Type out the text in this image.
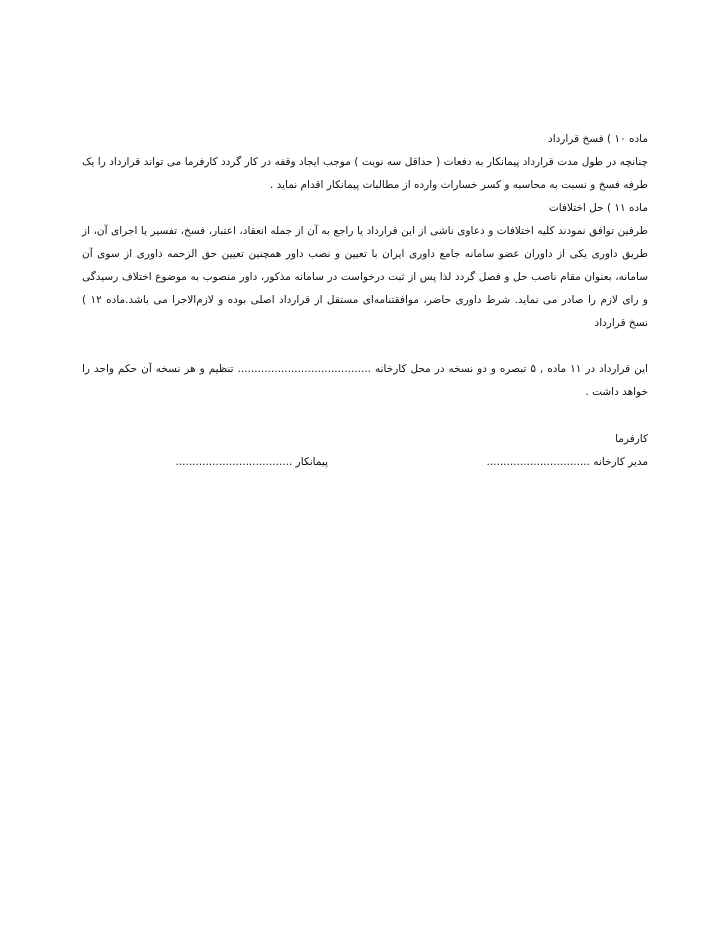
ماده ۱۰ ) فسخ قرارداد

چنانچه در طول مدت قرارداد پیمانکار به دفعات ( حداقل سه نوبت ) موجب ایجاد وقفه در کار گردد کارفرما می تواند قرارداد را یک طرفه فسخ و نسبت به محاسبه و کسر خسارات وارده از مطالبات پیمانکار اقدام نماید .

ماده ۱۱ ) حل اختلافات

طرفین توافق نمودند کلیه اختلافات و دعاوی ناشی از این قرارداد یا راجع به آن از جمله انعقاد، اعتبار، فسخ، تفسیر یا اجرای آن، از طریق داوری یکی از داوران عضو سامانه جامع داوری ایران با تعیین و نصب داور همچنین تعیین حق الزحمه داوری از سوی آن سامانه، بعنوان مقام ناصب حل و فصل گردد لذا پس از ثبت درخواست در سامانه مذکور، داور منصوب به موضوع اختلاف رسیدگی و رای لازم را صادر می نماید. شرط داوری حاضر، موافقتنامه‌ای مستقل از قرارداد اصلی بوده و لازم‌الاجرا می باشد.ماده ۱۲ ) نسخ قرارداد

این قرارداد در ۱۱ ماده , ۵ تبصره و دو نسخه در محل کارخانه ........................................ تنظیم و هر نسخه آن حکم واحد را خواهد داشت .

کارفرما
مدیر کارخانه ...............................
پیمانکار ...................................
